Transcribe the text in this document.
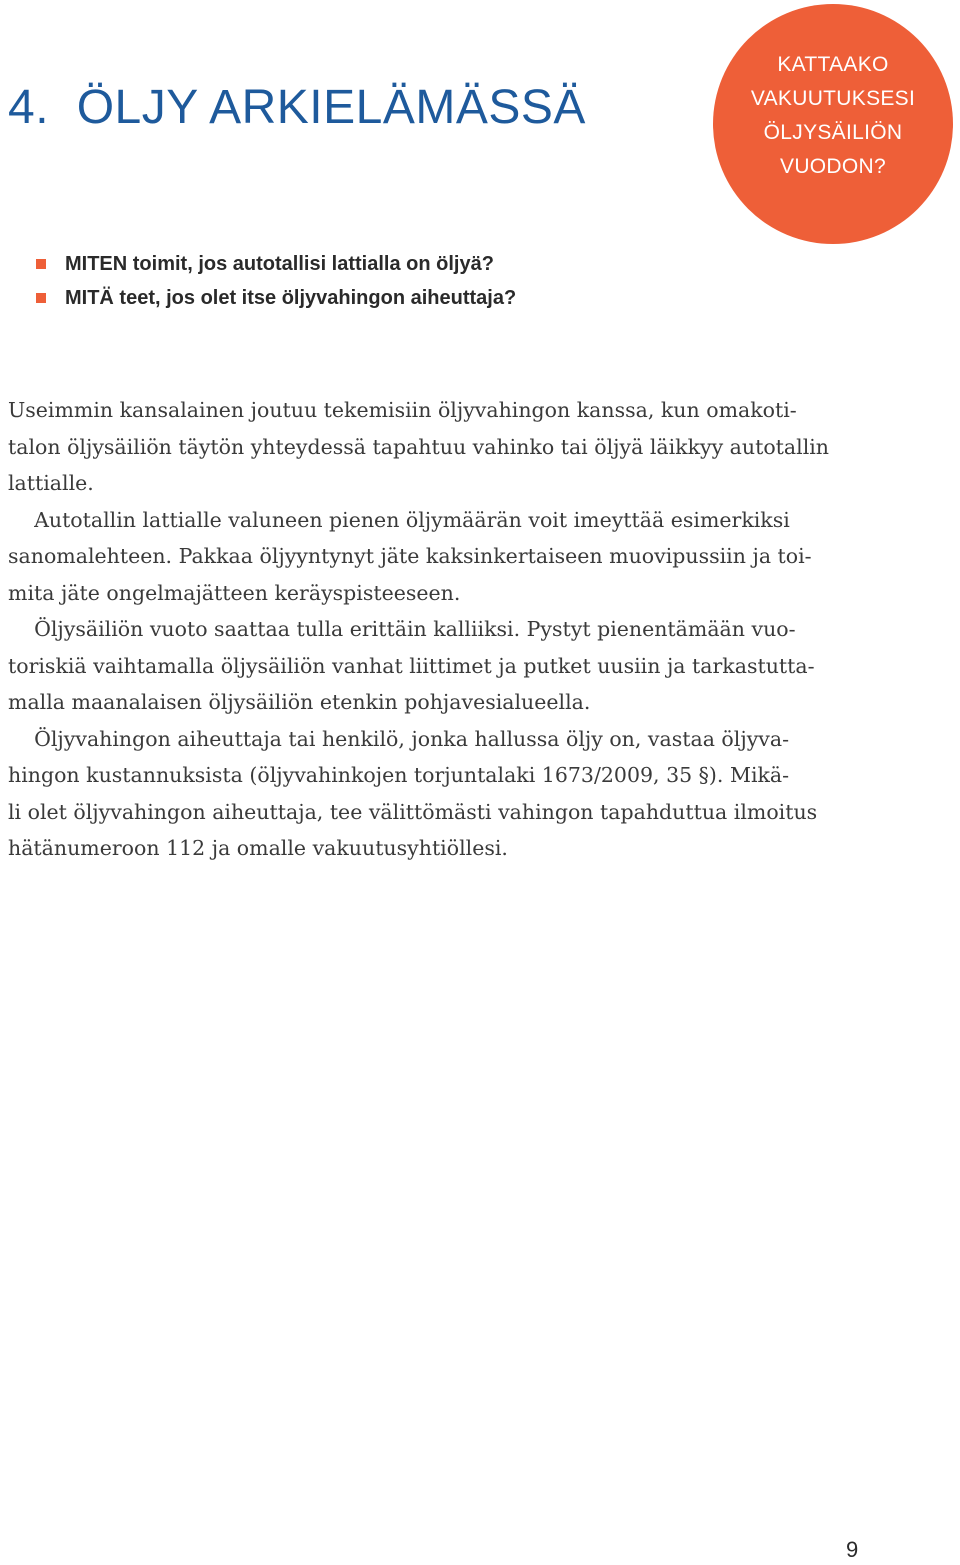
4.  ÖLJY ARKIELÄMÄSSÄ
KATTAAKO
VAKUUTUKSESI
ÖLJYSÄILIÖN
VUODON?
MITEN toimit, jos autotallisi lattialla on öljyä?
MITÄ teet, jos olet itse öljyvahingon aiheuttaja?
Useimmin kansalainen joutuu tekemisiin öljyvahingon kanssa, kun omakoti-
talon öljysäiliön täytön yhteydessä tapahtuu vahinko tai öljyä läikkyy autotallin
lattialle.
Autotallin lattialle valuneen pienen öljymäärän voit imeyttää esimerkiksi
sanomalehteen. Pakkaa öljyyntynyt jäte kaksinkertaiseen muovipussiin ja toi-
mita jäte ongelmajätteen keräyspisteeseen.
Öljysäiliön vuoto saattaa tulla erittäin kalliiksi. Pystyt pienentämään vuo-
toriskiä vaihtamalla öljysäiliön vanhat liittimet ja putket uusiin ja tarkastutta-
malla maanalaisen öljysäiliön etenkin pohjavesialueella.
Öljyvahingon aiheuttaja tai henkilö, jonka hallussa öljy on, vastaa öljyva-
hingon kustannuksista (öljyvahinkojen torjuntalaki 1673/2009, 35 §). Mikä-
li olet öljyvahingon aiheuttaja, tee välittömästi vahingon tapahduttua ilmoitus
hätänumeroon 112 ja omalle vakuutusyhtiöllesi.
9
